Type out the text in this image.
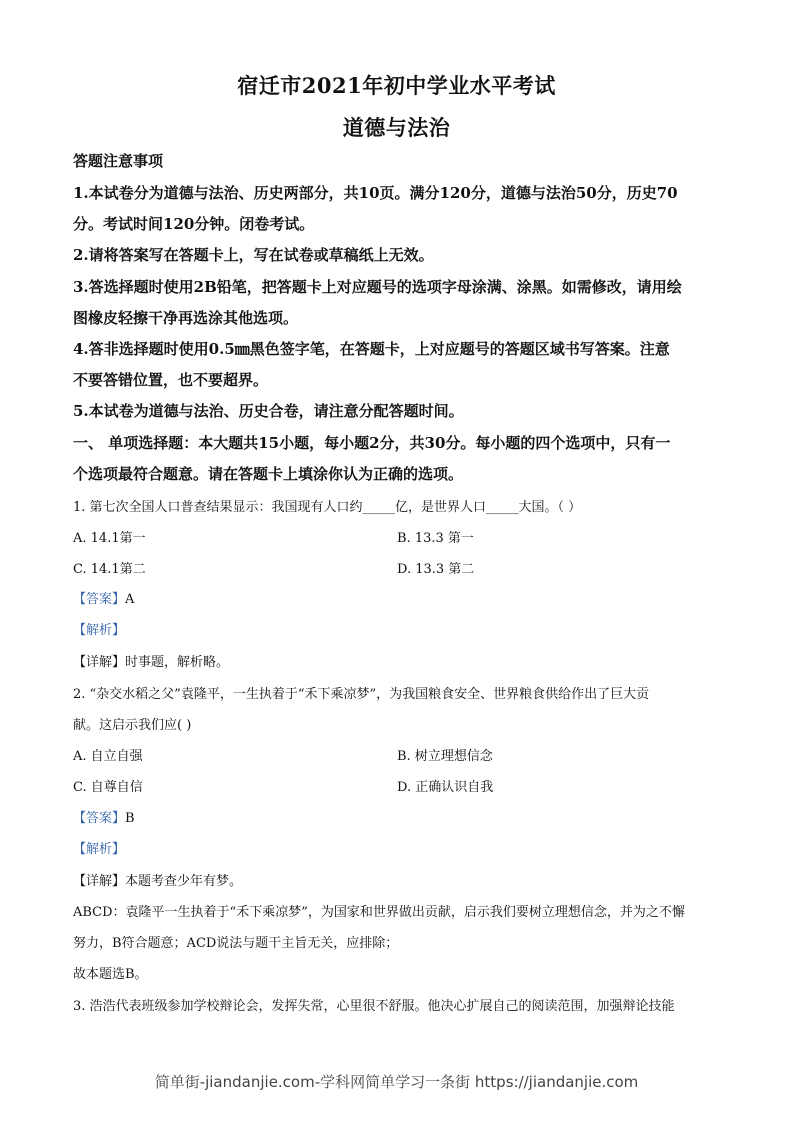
宿迁市2021年初中学业水平考试
道德与法治
答题注意事项
1.本试卷分为道德与法治、历史两部分，共10页。满分120分，道德与法治50分，历史70
分。考试时间120分钟。闭卷考试。
2.请将答案写在答题卡上，写在试卷或草稿纸上无效。
3.答选择题时使用2B铅笔，把答题卡上对应题号的选项字母涂满、涂黑。如需修改，请用绘
图橡皮轻擦干净再选涂其他选项。
4.答非选择题时使用0.5㎜黑色签字笔，在答题卡，上对应题号的答题区域书写答案。注意
不要答错位置，也不要超界。
5.本试卷为道德与法治、历史合卷，请注意分配答题时间。
一、 单项选择题：本大题共15小题，每小题2分，共30分。每小题的四个选项中，只有一
个选项最符合题意。请在答题卡上填涂你认为正确的选项。
1. 第七次全国人口普查结果显示：我国现有人口约_____亿，是世界人口_____大国。（ ）
A. 14.1第一	B. 13.3 第一
C. 14.1第二	D. 13.3 第二
【答案】A
【解析】
【详解】时事题，解析略。
2. “杂交水稻之父”袁隆平，一生执着于“禾下乘凉梦”，为我国粮食安全、世界粮食供给作出了巨大贡
献。这启示我们应( )
A. 自立自强	B. 树立理想信念
C. 自尊自信	D. 正确认识自我
【答案】B
【解析】
【详解】本题考查少年有梦。
ABCD：袁隆平一生执着于“禾下乘凉梦”，为国家和世界做出贡献，启示我们要树立理想信念，并为之不懈
努力，B符合题意；ACD说法与题干主旨无关，应排除；
故本题选B。
3. 浩浩代表班级参加学校辩论会，发挥失常，心里很不舒服。他决心扩展自己的阅读范围，加强辩论技能
简单街-jiandanjie.com-学科网简单学习一条街 https://jiandanjie.com
